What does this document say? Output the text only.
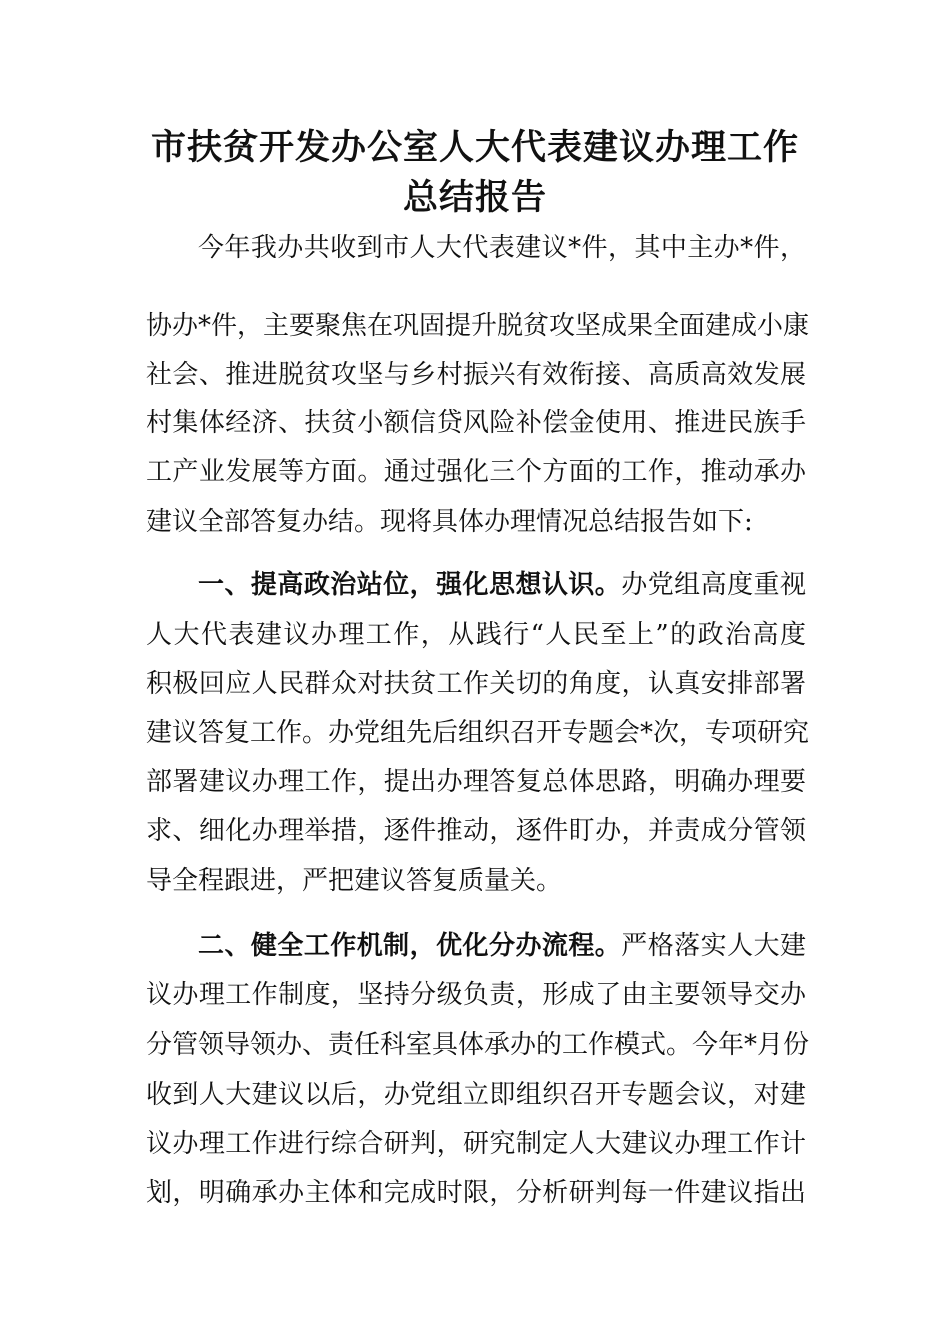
市扶贫开发办公室人大代表建议办理工作
总结报告

今年我办共收到市人大代表建议*件，其中主办*件，

协办*件，主要聚焦在巩固提升脱贫攻坚成果全面建成小康

社会、推进脱贫攻坚与乡村振兴有效衔接、高质高效发展

村集体经济、扶贫小额信贷风险补偿金使用、推进民族手

工产业发展等方面。通过强化三个方面的工作，推动承办

建议全部答复办结。现将具体办理情况总结报告如下:

一、提高政治站位，强化思想认识。办党组高度重视

人大代表建议办理工作，从践行“人民至上”的政治高度

积极回应人民群众对扶贫工作关切的角度，认真安排部署

建议答复工作。办党组先后组织召开专题会*次，专项研究

部署建议办理工作，提出办理答复总体思路，明确办理要

求、细化办理举措，逐件推动，逐件盯办，并责成分管领

导全程跟进，严把建议答复质量关。

二、健全工作机制，优化分办流程。严格落实人大建

议办理工作制度，坚持分级负责，形成了由主要领导交办

分管领导领办、责任科室具体承办的工作模式。今年*月份

收到人大建议以后，办党组立即组织召开专题会议，对建

议办理工作进行综合研判，研究制定人大建议办理工作计

划，明确承办主体和完成时限，分析研判每一件建议指出
